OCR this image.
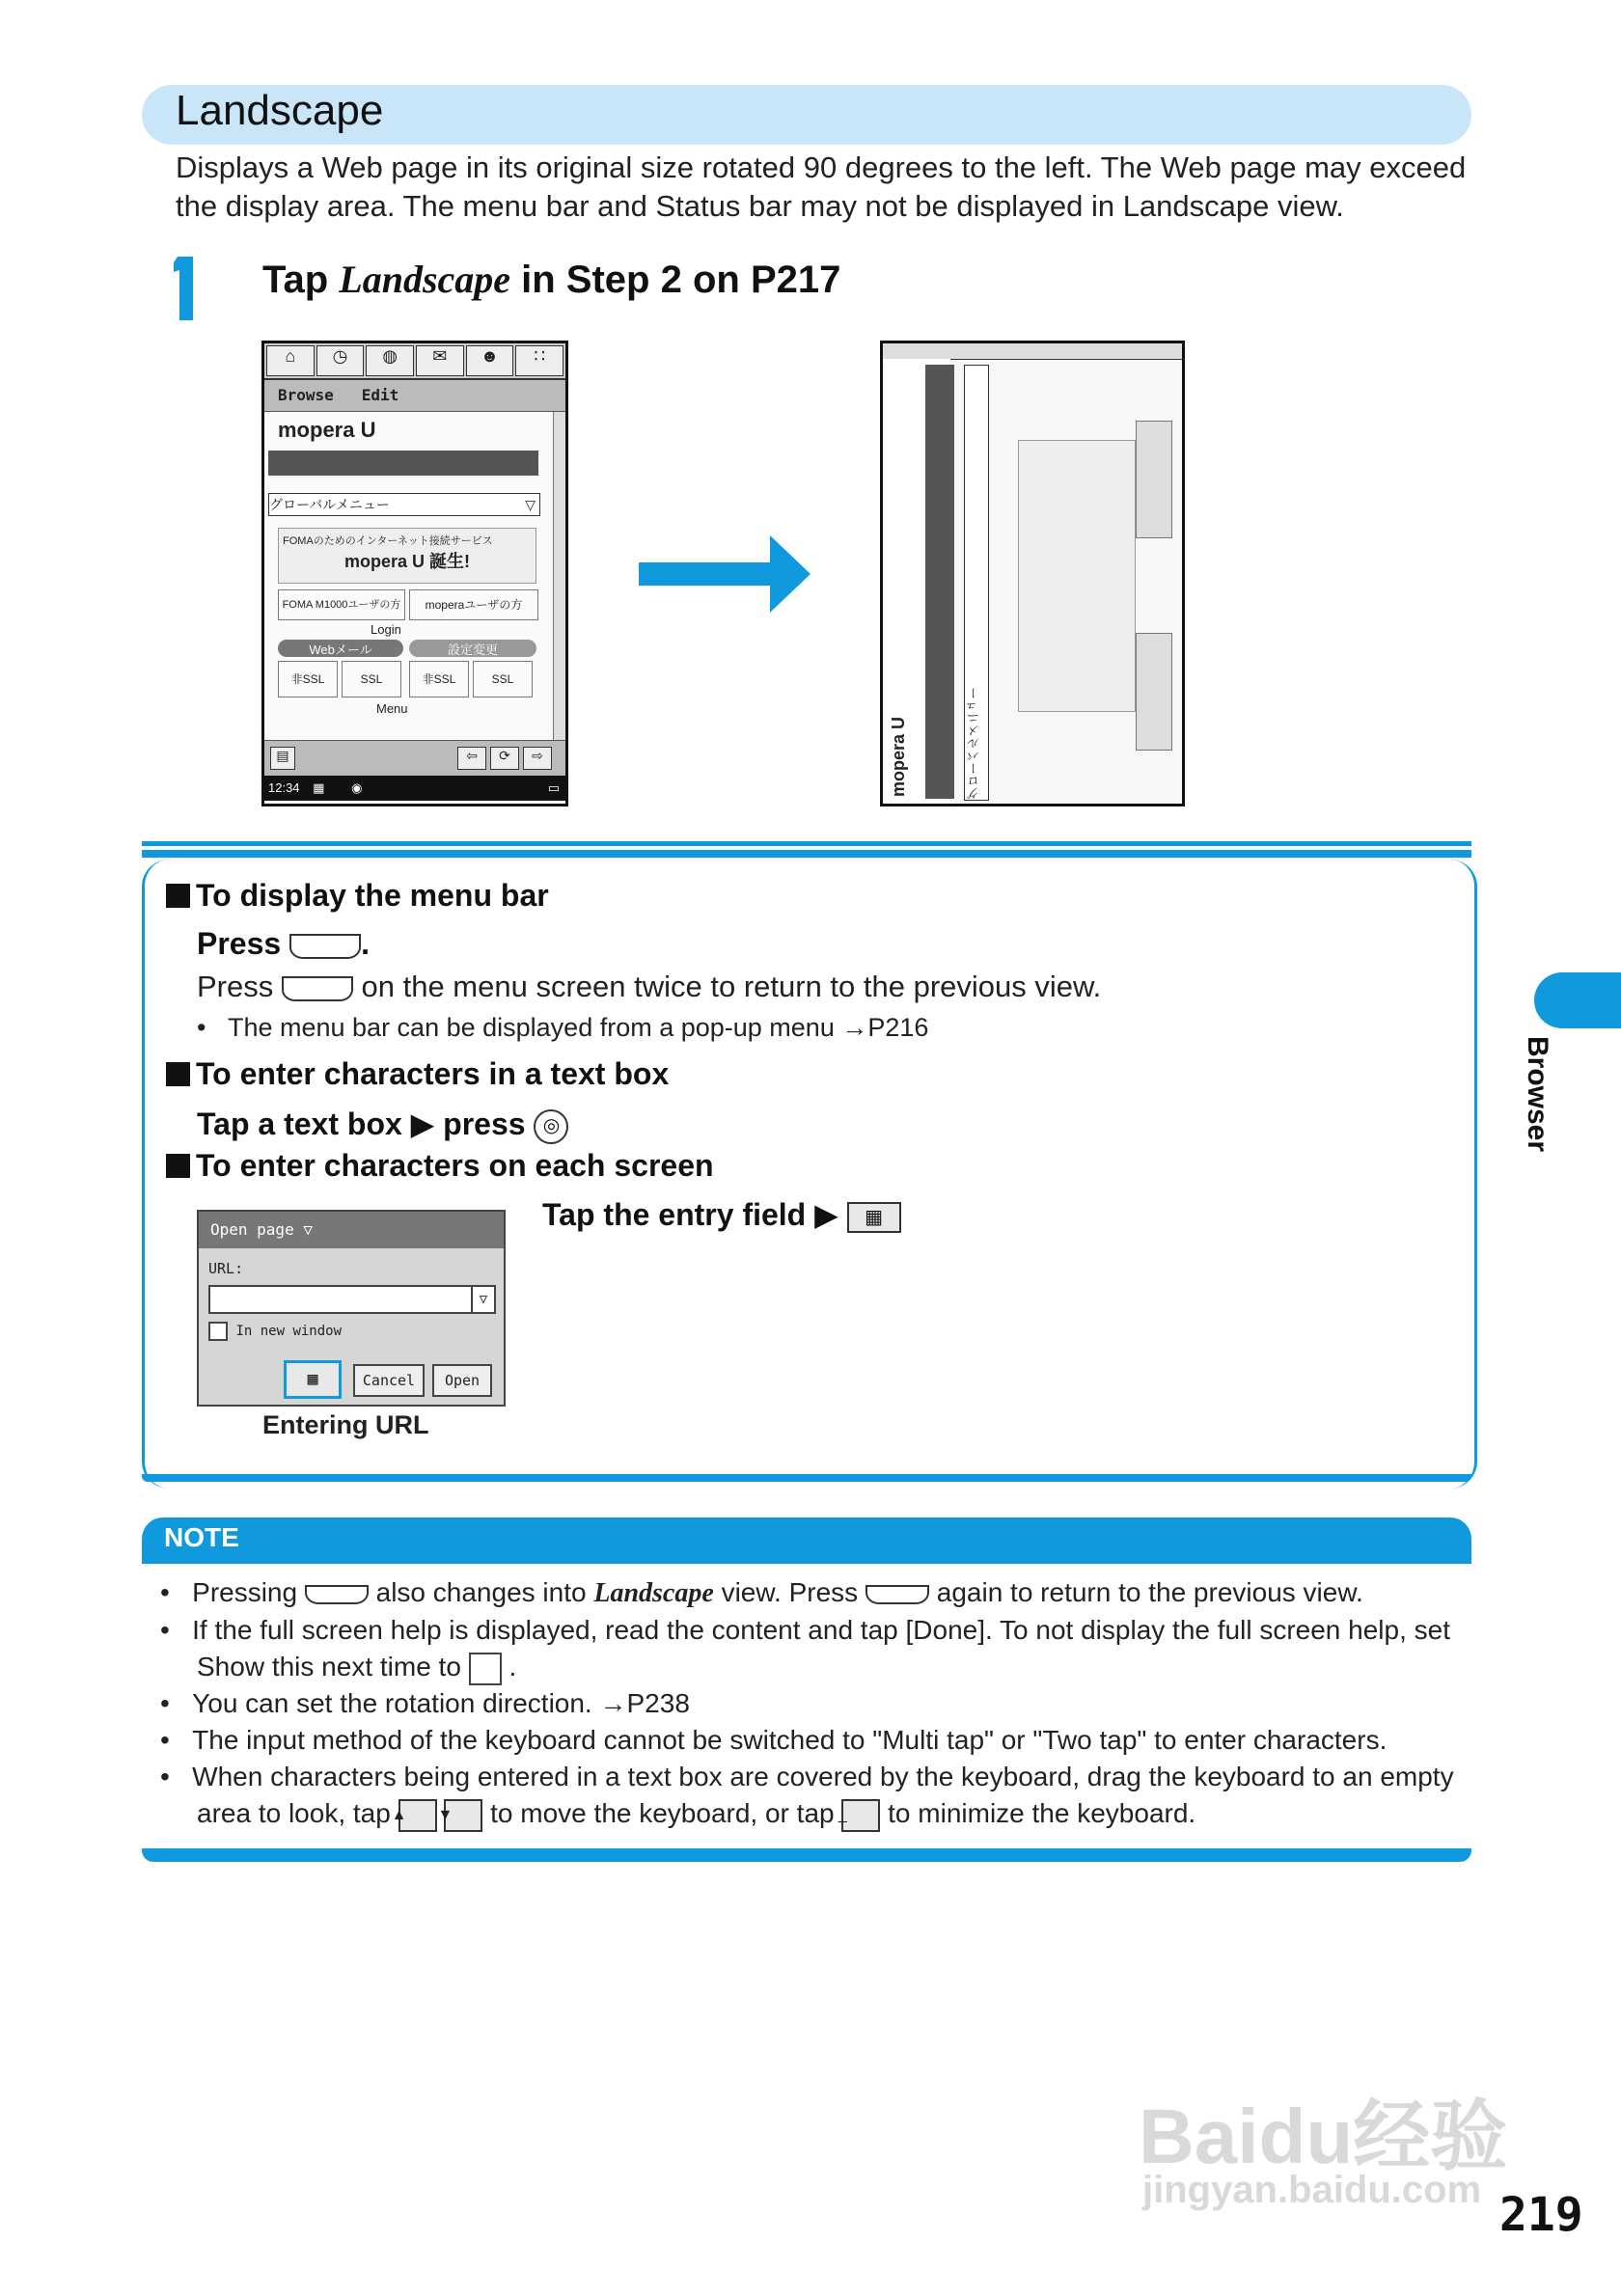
Landscape
Displays a Web page in its original size rotated 90 degrees to the left. The Web page may exceed the display area. The menu bar and Status bar may not be displayed in Landscape view.
Tap Landscape in Step 2 on P217
⌂	◷	◍	✉	☻	∷
Browse Edit
mopera U
グローバルメニュー	▽
FOMAのためのインターネット接続サービス
mopera U 誕生!
FOMA M1000ユーザの方	moperaユーザの方
Login
Webメール	設定変更
非SSL	SSL	非SSL	SSL
Menu
▤	⇦	⟳	⇨
12:34 ▦ ◉	▭	mopera U	グローバルメニュー
To display the menu bar
Press	.
Press	on the menu screen twice to return to the previous view.
•   The menu bar can be displayed from a pop-up menu →P216
To enter characters in a text box
Tap a text box ▶ press ◎
To enter characters on each screen
Tap the entry field ▶ ▦
Open page ▽
URL:
▽
In new window
▦	Cancel	Open
Entering URL
NOTE

•   Pressing	also changes into Landscape view. Press	again to return to the previous view.

•   If the full screen help is displayed, read the content and tap [Done]. To not display the full screen help, set
Show this next time to .

•   You can set the rotation direction. →P238

•   The input method of the keyboard cannot be switched to "Multi tap" or "Two tap" to enter characters.

•   When characters being entered in a text box are covered by the keyboard, drag the keyboard to an empty
area to look, tap ▲ ▼ to move the keyboard, or tap _ to minimize the keyboard.

Browser
Baidu经验
jingyan.baidu.com 219
